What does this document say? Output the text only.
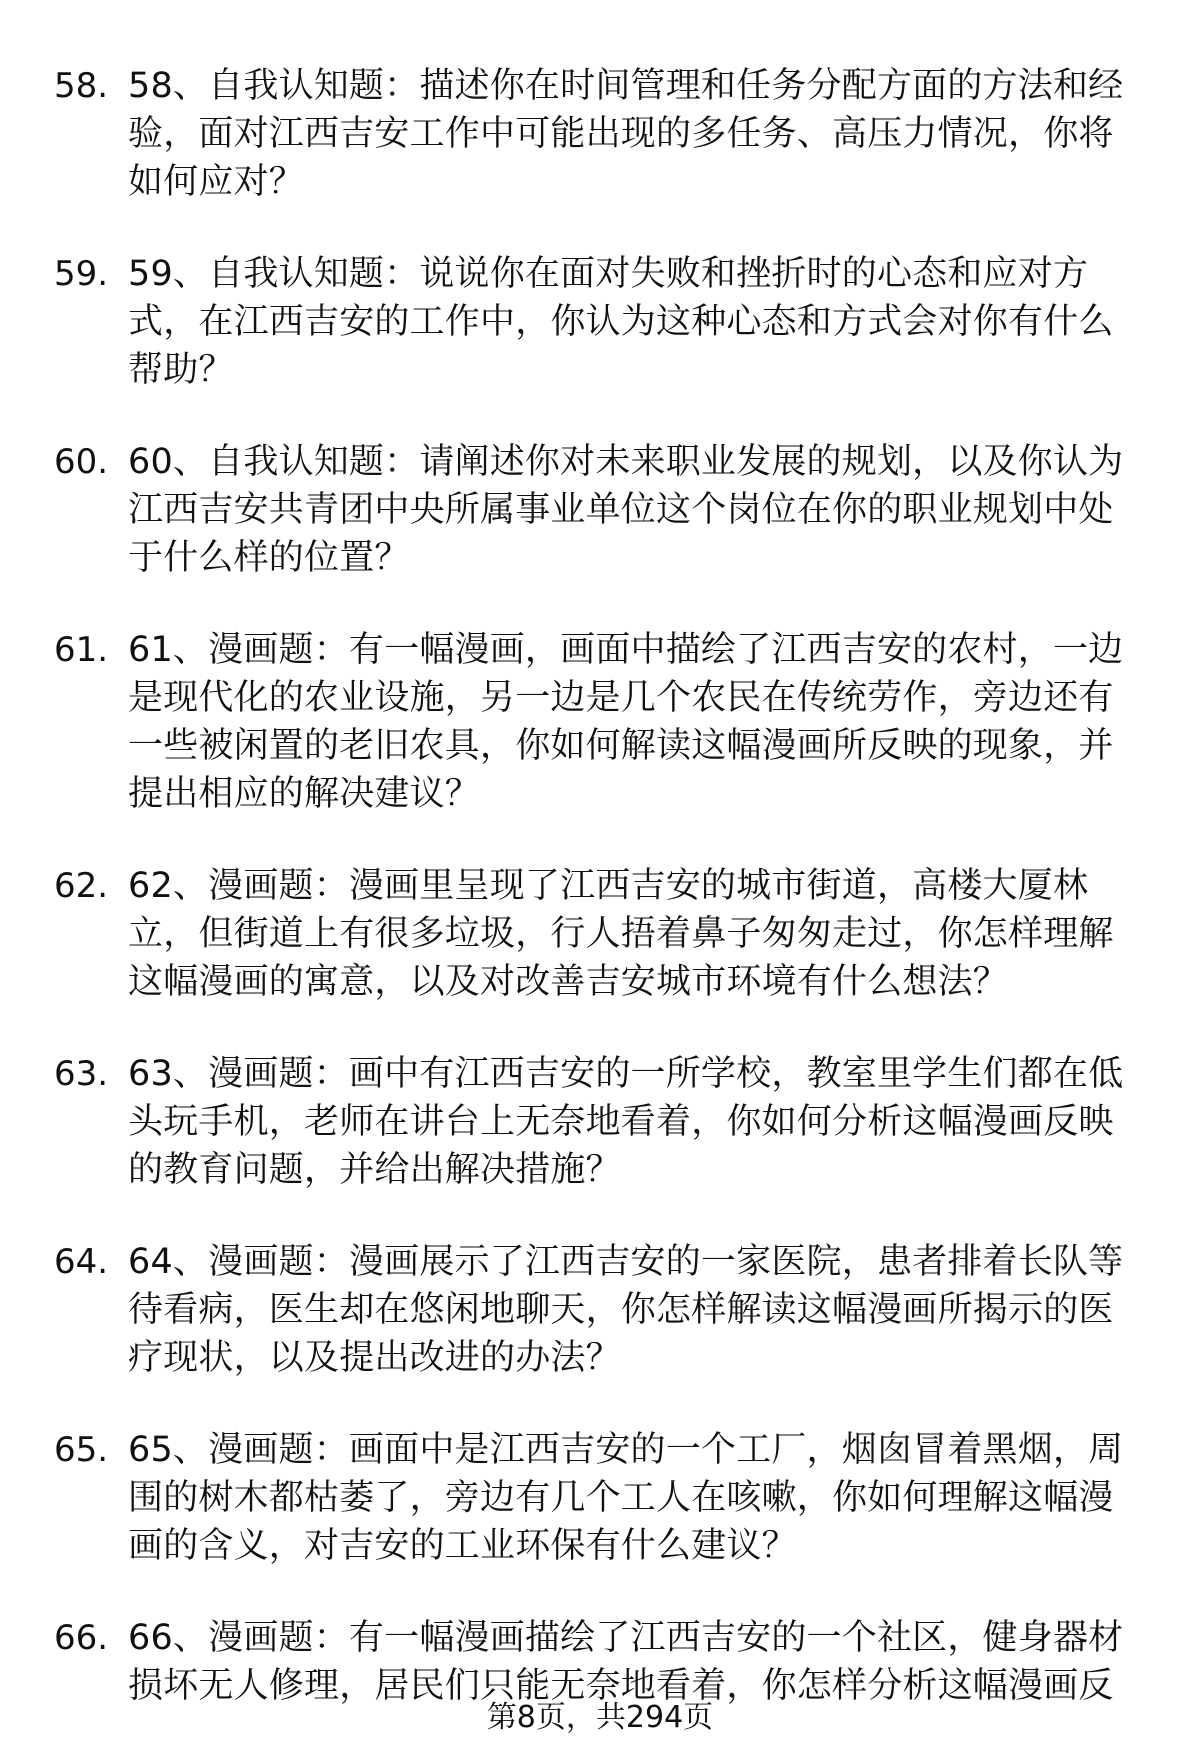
58. 58、自我认知题：描述你在时间管理和任务分配方面的方法和经
验，面对江西吉安工作中可能出现的多任务、高压力情况，你将
如何应对？
59. 59、自我认知题：说说你在面对失败和挫折时的心态和应对方
式，在江西吉安的工作中，你认为这种心态和方式会对你有什么
帮助？
60. 60、自我认知题：请阐述你对未来职业发展的规划，以及你认为
江西吉安共青团中央所属事业单位这个岗位在你的职业规划中处
于什么样的位置？
61. 61、漫画题：有一幅漫画，画面中描绘了江西吉安的农村，一边
是现代化的农业设施，另一边是几个农民在传统劳作，旁边还有
一些被闲置的老旧农具，你如何解读这幅漫画所反映的现象，并
提出相应的解决建议？
62. 62、漫画题：漫画里呈现了江西吉安的城市街道，高楼大厦林
立，但街道上有很多垃圾，行人捂着鼻子匆匆走过，你怎样理解
这幅漫画的寓意，以及对改善吉安城市环境有什么想法？
63. 63、漫画题：画中有江西吉安的一所学校，教室里学生们都在低
头玩手机，老师在讲台上无奈地看着，你如何分析这幅漫画反映
的教育问题，并给出解决措施？
64. 64、漫画题：漫画展示了江西吉安的一家医院，患者排着长队等
待看病，医生却在悠闲地聊天，你怎样解读这幅漫画所揭示的医
疗现状，以及提出改进的办法？
65. 65、漫画题：画面中是江西吉安的一个工厂，烟囱冒着黑烟，周
围的树木都枯萎了，旁边有几个工人在咳嗽，你如何理解这幅漫
画的含义，对吉安的工业环保有什么建议？
66. 66、漫画题：有一幅漫画描绘了江西吉安的一个社区，健身器材
损坏无人修理，居民们只能无奈地看着，你怎样分析这幅漫画反
第8页，共294页
